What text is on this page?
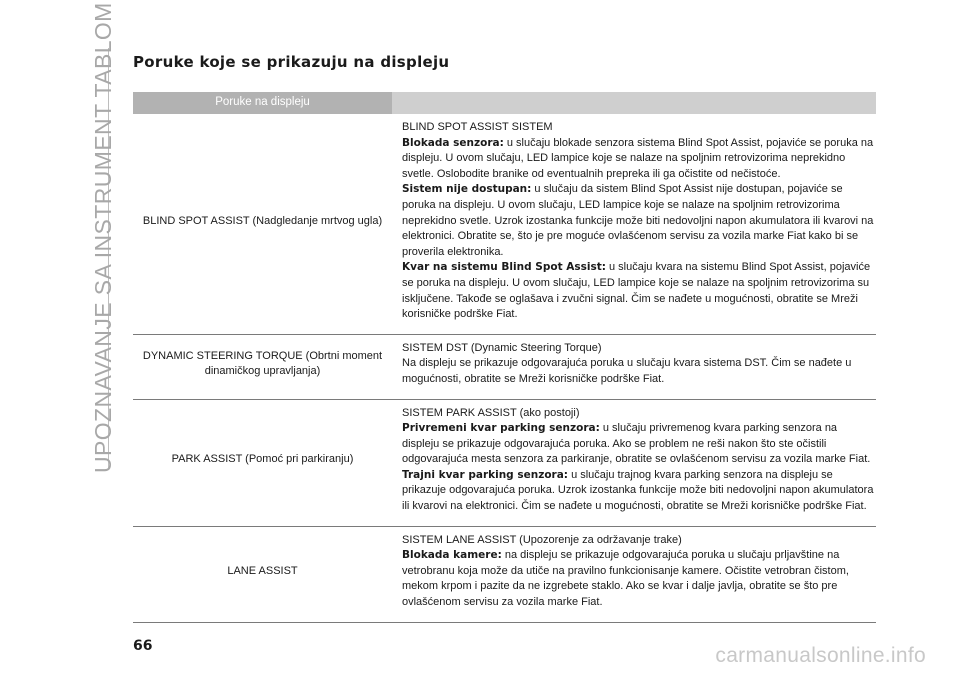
UPOZNAVANJE SA INSTRUMENT TABLOM Poruke koje se prikazuju na displeju
Poruke na displeju	
BLIND SPOT ASSIST (Nadgledanje mrtvog ugla)	BLIND SPOT ASSIST SISTEM

Blokada senzora: u slučaju blokade senzora sistema Blind Spot Assist, pojaviće se poruka na displeju. U ovom slučaju, LED lampice koje se nalaze na spoljnim retrovizorima neprekidno svetle. Oslobodite branike od eventualnih prepreka ili ga očistite od nečistoće.

Sistem nije dostupan: u slučaju da sistem Blind Spot Assist nije dostupan, pojaviće se poruka na displeju. U ovom slučaju, LED lampice koje se nalaze na spoljnim retrovizorima neprekidno svetle. Uzrok izostanka funkcije može biti nedovoljni napon akumulatora ili kvarovi na elektronici. Obratite se, što je pre moguće ovlašćenom servisu za vozila marke Fiat kako bi se proverila elektronika.

Kvar na sistemu Blind Spot Assist: u slučaju kvara na sistemu Blind Spot Assist, pojaviće se poruka na displeju. U ovom slučaju, LED lampice koje se nalaze na spoljnim retrovizorima su isključene. Takođe se oglašava i zvučni signal. Čim se nađete u mogućnosti, obratite se Mreži korisničke podrške Fiat.

DYNAMIC STEERING TORQUE (Obrtni moment dinamičkog upravljanja)	SISTEM DST (Dynamic Steering Torque)

Na displeju se prikazuje odgovarajuća poruka u slučaju kvara sistema DST. Čim se nađete u mogućnosti, obratite se Mreži korisničke podrške Fiat.

PARK ASSIST (Pomoć pri parkiranju)	SISTEM PARK ASSIST (ako postoji)

Privremeni kvar parking senzora: u slučaju privremenog kvara parking senzora na displeju se prikazuje odgovarajuća poruka. Ako se problem ne reši nakon što ste očistili odgovarajuća mesta senzora za parkiranje, obratite se ovlašćenom servisu za vozila marke Fiat.

Trajni kvar parking senzora: u slučaju trajnog kvara parking senzora na displeju se prikazuje odgovarajuća poruka. Uzrok izostanka funkcije može biti nedovoljni napon akumulatora ili kvarovi na elektronici. Čim se nađete u mogućnosti, obratite se Mreži korisničke podrške Fiat.

LANE ASSIST	SISTEM LANE ASSIST (Upozorenje za održavanje trake)

Blokada kamere: na displeju se prikazuje odgovarajuća poruka u slučaju prljavštine na vetrobranu koja može da utiče na pravilno funkcionisanje kamere. Očistite vetrobran čistom, mekom krpom i pazite da ne izgrebete staklo. Ako se kvar i dalje javlja, obratite se što pre ovlašćenom servisu za vozila marke Fiat.

66	carmanualsonline.info
